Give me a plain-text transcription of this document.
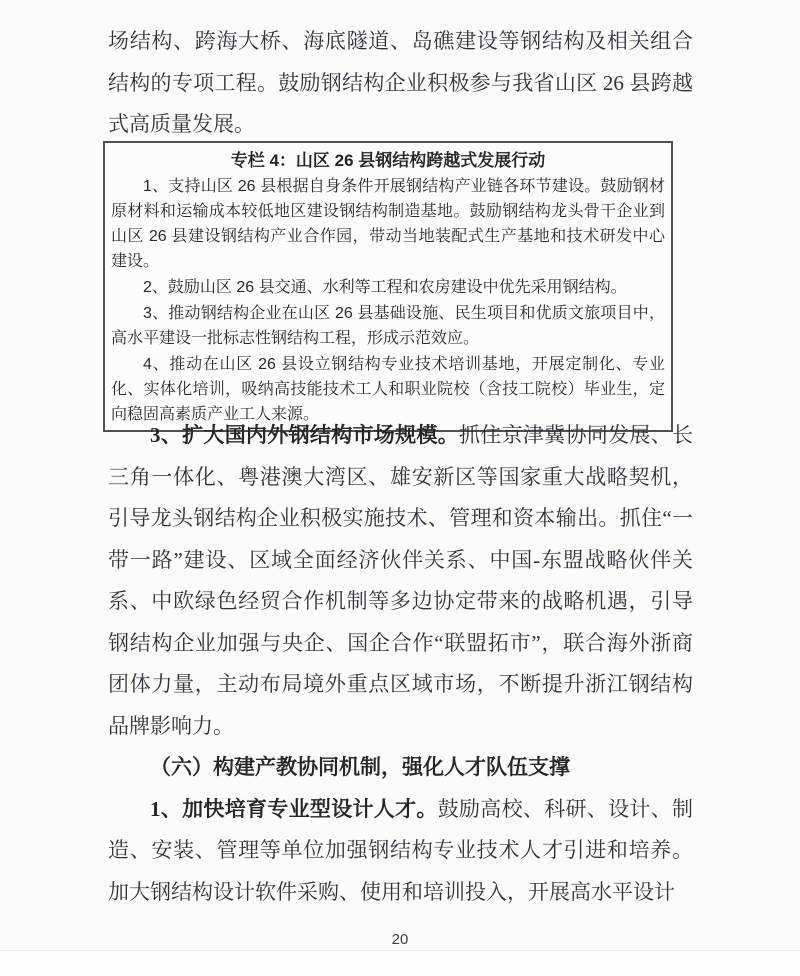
场结构、跨海大桥、海底隧道、岛礁建设等钢结构及相关组合结构的专项工程。鼓励钢结构企业积极参与我省山区 26 县跨越式高质量发展。
专栏 4：山区 26 县钢结构跨越式发展行动
1、支持山区 26 县根据自身条件开展钢结构产业链各环节建设。鼓励钢材原材料和运输成本较低地区建设钢结构制造基地。鼓励钢结构龙头骨干企业到山区 26 县建设钢结构产业合作园，带动当地装配式生产基地和技术研发中心建设。
2、鼓励山区 26 县交通、水利等工程和农房建设中优先采用钢结构。
3、推动钢结构企业在山区 26 县基础设施、民生项目和优质文旅项目中，高水平建设一批标志性钢结构工程，形成示范效应。
4、推动在山区 26 县设立钢结构专业技术培训基地，开展定制化、专业化、实体化培训，吸纳高技能技术工人和职业院校（含技工院校）毕业生，定向稳固高素质产业工人来源。

3、扩大国内外钢结构市场规模。抓住京津冀协同发展、长三角一体化、粤港澳大湾区、雄安新区等国家重大战略契机，引导龙头钢结构企业积极实施技术、管理和资本输出。抓住“一带一路”建设、区域全面经济伙伴关系、中国-东盟战略伙伴关系、中欧绿色经贸合作机制等多边协定带来的战略机遇，引导钢结构企业加强与央企、国企合作“联盟拓市”，联合海外浙商团体力量，主动布局境外重点区域市场，不断提升浙江钢结构品牌影响力。

（六）构建产教协同机制，强化人才队伍支撑

1、加快培育专业型设计人才。鼓励高校、科研、设计、制造、安装、管理等单位加强钢结构专业技术人才引进和培养。加大钢结构设计软件采购、使用和培训投入，开展高水平设计

20
